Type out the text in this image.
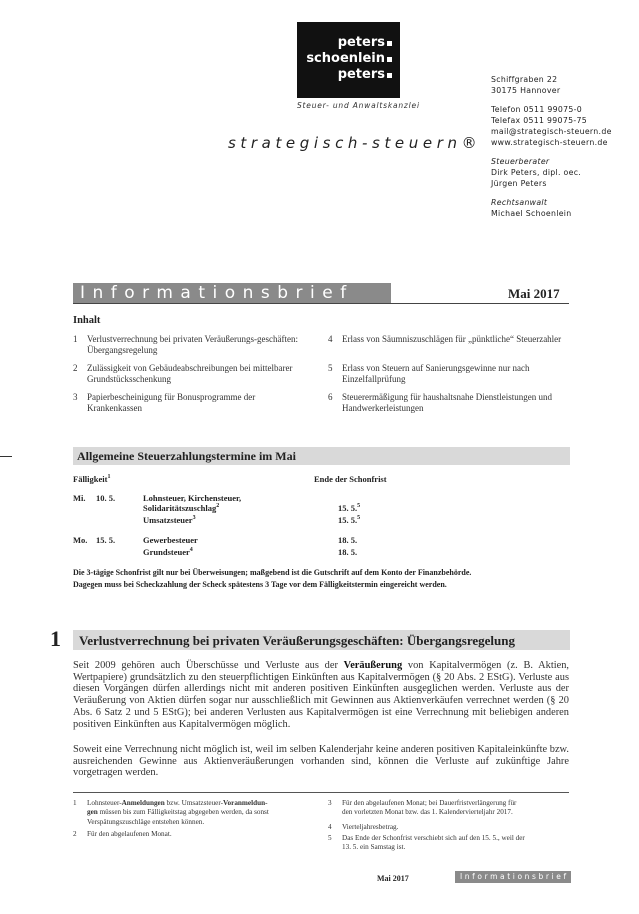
peters
schoenlein
peters
Steuer- und Anwaltskanzlei
strategisch-steuern®
Schiffgraben 22
30175 Hannover
Telefon 0511 99075-0
Telefax 0511 99075-75
mail@strategisch-steuern.de
www.strategisch-steuern.de
Steuerberater
Dirk Peters, dipl. oec.
Jürgen Peters
Rechtsanwalt
Michael Schoenlein
Informationsbrief	Mai 2017
Inhalt
1 Verlustverrechnung bei privaten Veräußerungs-geschäften: Übergangsregelung
2 Zulässigkeit von Gebäudeabschreibungen bei mittelbarer Grundstücksschenkung
3 Papierbescheinigung für Bonusprogramme der Krankenkassen
4 Erlass von Säumniszuschlägen für „pünktliche“ Steuerzahler
5 Erlass von Steuern auf Sanierungsgewinne nur nach Einzelfallprüfung
6 Steuerermäßigung für haushaltsnahe Dienstleistungen und Handwerkerleistungen
Allgemeine Steuerzahlungstermine im Mai
Fälligkeit$^1$	Ende der Schonfrist
Mi. 10. 5.	Lohnsteuer, Kirchensteuer,
Solidaritätszuschlag$^2$	15. 5.$^5$
Umsatzsteuer$^3$	15. 5.$^5$
Mo. 15. 5.	Gewerbesteuer	18. 5.
Grundsteuer$^4$	18. 5.
Die 3-tägige Schonfrist gilt nur bei Überweisungen; maßgebend ist die Gutschrift auf dem Konto der Finanzbehörde.
Dagegen muss bei Scheckzahlung der Scheck spätestens 3 Tage vor dem Fälligkeitstermin eingereicht werden.
1 Verlustverrechnung bei privaten Veräußerungsgeschäften: Übergangsregelung
Seit 2009 gehören auch Überschüsse und Verluste aus der Veräußerung von Kapitalvermögen (z. B. Aktien, Wertpapiere) grundsätzlich zu den steuerpflichtigen Einkünften aus Kapitalvermögen (§ 20 Abs. 2 EStG). Verluste aus diesen Vorgängen dürfen allerdings nicht mit anderen positiven Einkünften ausgeglichen werden. Verluste aus der Veräußerung von Aktien dürfen sogar nur ausschließlich mit Gewinnen aus Aktienverkäufen verrechnet werden (§ 20 Abs. 6 Satz 2 und 5 EStG); bei anderen Verlusten aus Kapitalvermögen ist eine Verrechnung mit beliebigen anderen positiven Einkünften aus Kapitalvermögen möglich.
Soweit eine Verrechnung nicht möglich ist, weil im selben Kalenderjahr keine anderen positiven Kapitaleinkünfte bzw. ausreichenden Gewinne aus Aktienveräußerungen vorhanden sind, können die Verluste auf zukünftige Jahre vorgetragen werden.
1 Lohnsteuer-Anmeldungen bzw. Umsatzsteuer-Voranmeldun-
gen müssen bis zum Fälligkeitstag abgegeben werden, da sonst
Verspätungszuschläge entstehen können.
2 Für den abgelaufenen Monat.
3 Für den abgelaufenen Monat; bei Dauerfristverlängerung für
den vorletzten Monat bzw. das 1. Kalendervierteljahr 2017.
4 Vierteljahresbetrag.
5 Das Ende der Schonfrist verschiebt sich auf den 15. 5., weil der
13. 5. ein Samstag ist.
Mai 2017	Informationsbrief
